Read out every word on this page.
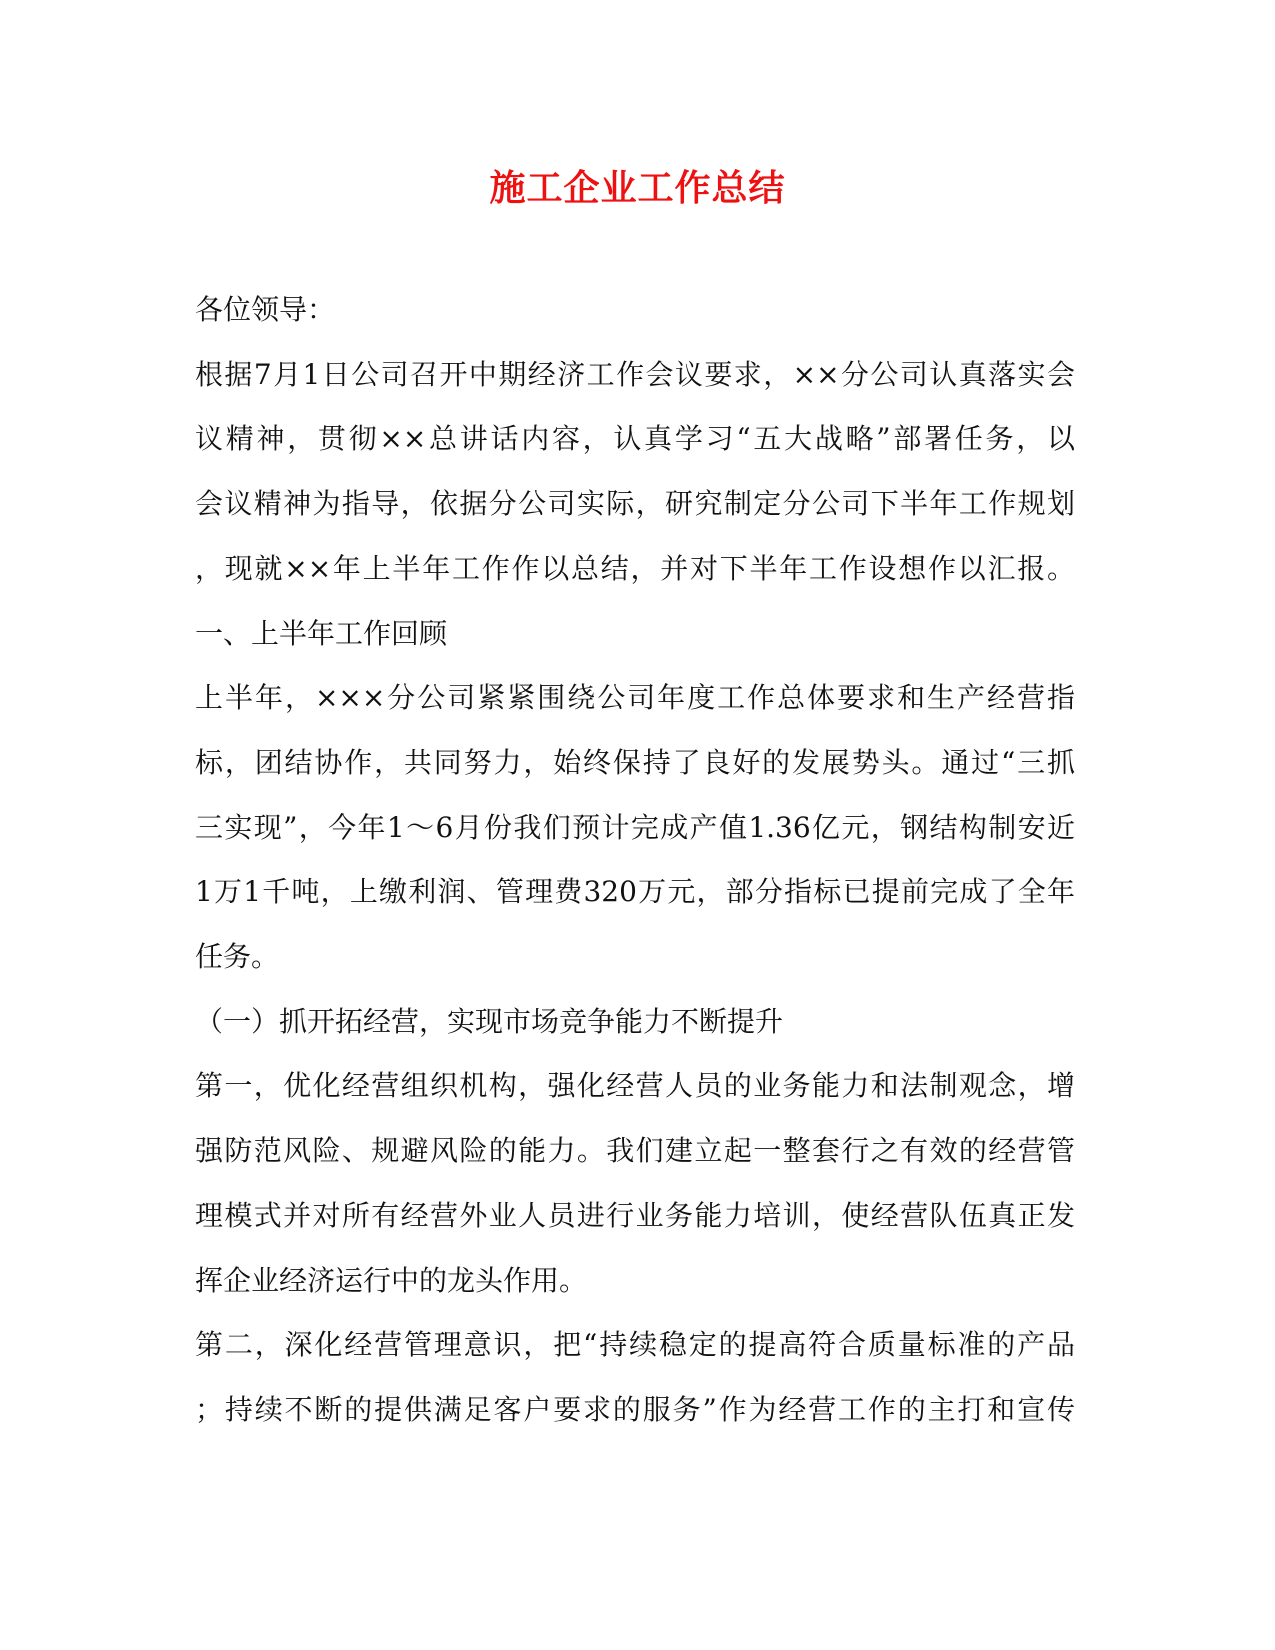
施工企业工作总结

各位领导：

根据7月1日公司召开中期经济工作会议要求，××分公司认真落实会

议精神，贯彻××总讲话内容，认真学习“五大战略”部署任务，以

会议精神为指导，依据分公司实际，研究制定分公司下半年工作规划

，现就××年上半年工作作以总结，并对下半年工作设想作以汇报。

一、上半年工作回顾

上半年，×××分公司紧紧围绕公司年度工作总体要求和生产经营指

标，团结协作，共同努力，始终保持了良好的发展势头。通过“三抓

三实现”，今年1～6月份我们预计完成产值1.36亿元，钢结构制安近

1万1千吨，上缴利润、管理费320万元，部分指标已提前完成了全年

任务。

（一）抓开拓经营，实现市场竞争能力不断提升

第一，优化经营组织机构，强化经营人员的业务能力和法制观念，增

强防范风险、规避风险的能力。我们建立起一整套行之有效的经营管

理模式并对所有经营外业人员进行业务能力培训，使经营队伍真正发

挥企业经济运行中的龙头作用。

第二，深化经营管理意识，把“持续稳定的提高符合质量标准的产品

；持续不断的提供满足客户要求的服务”作为经营工作的主打和宣传
